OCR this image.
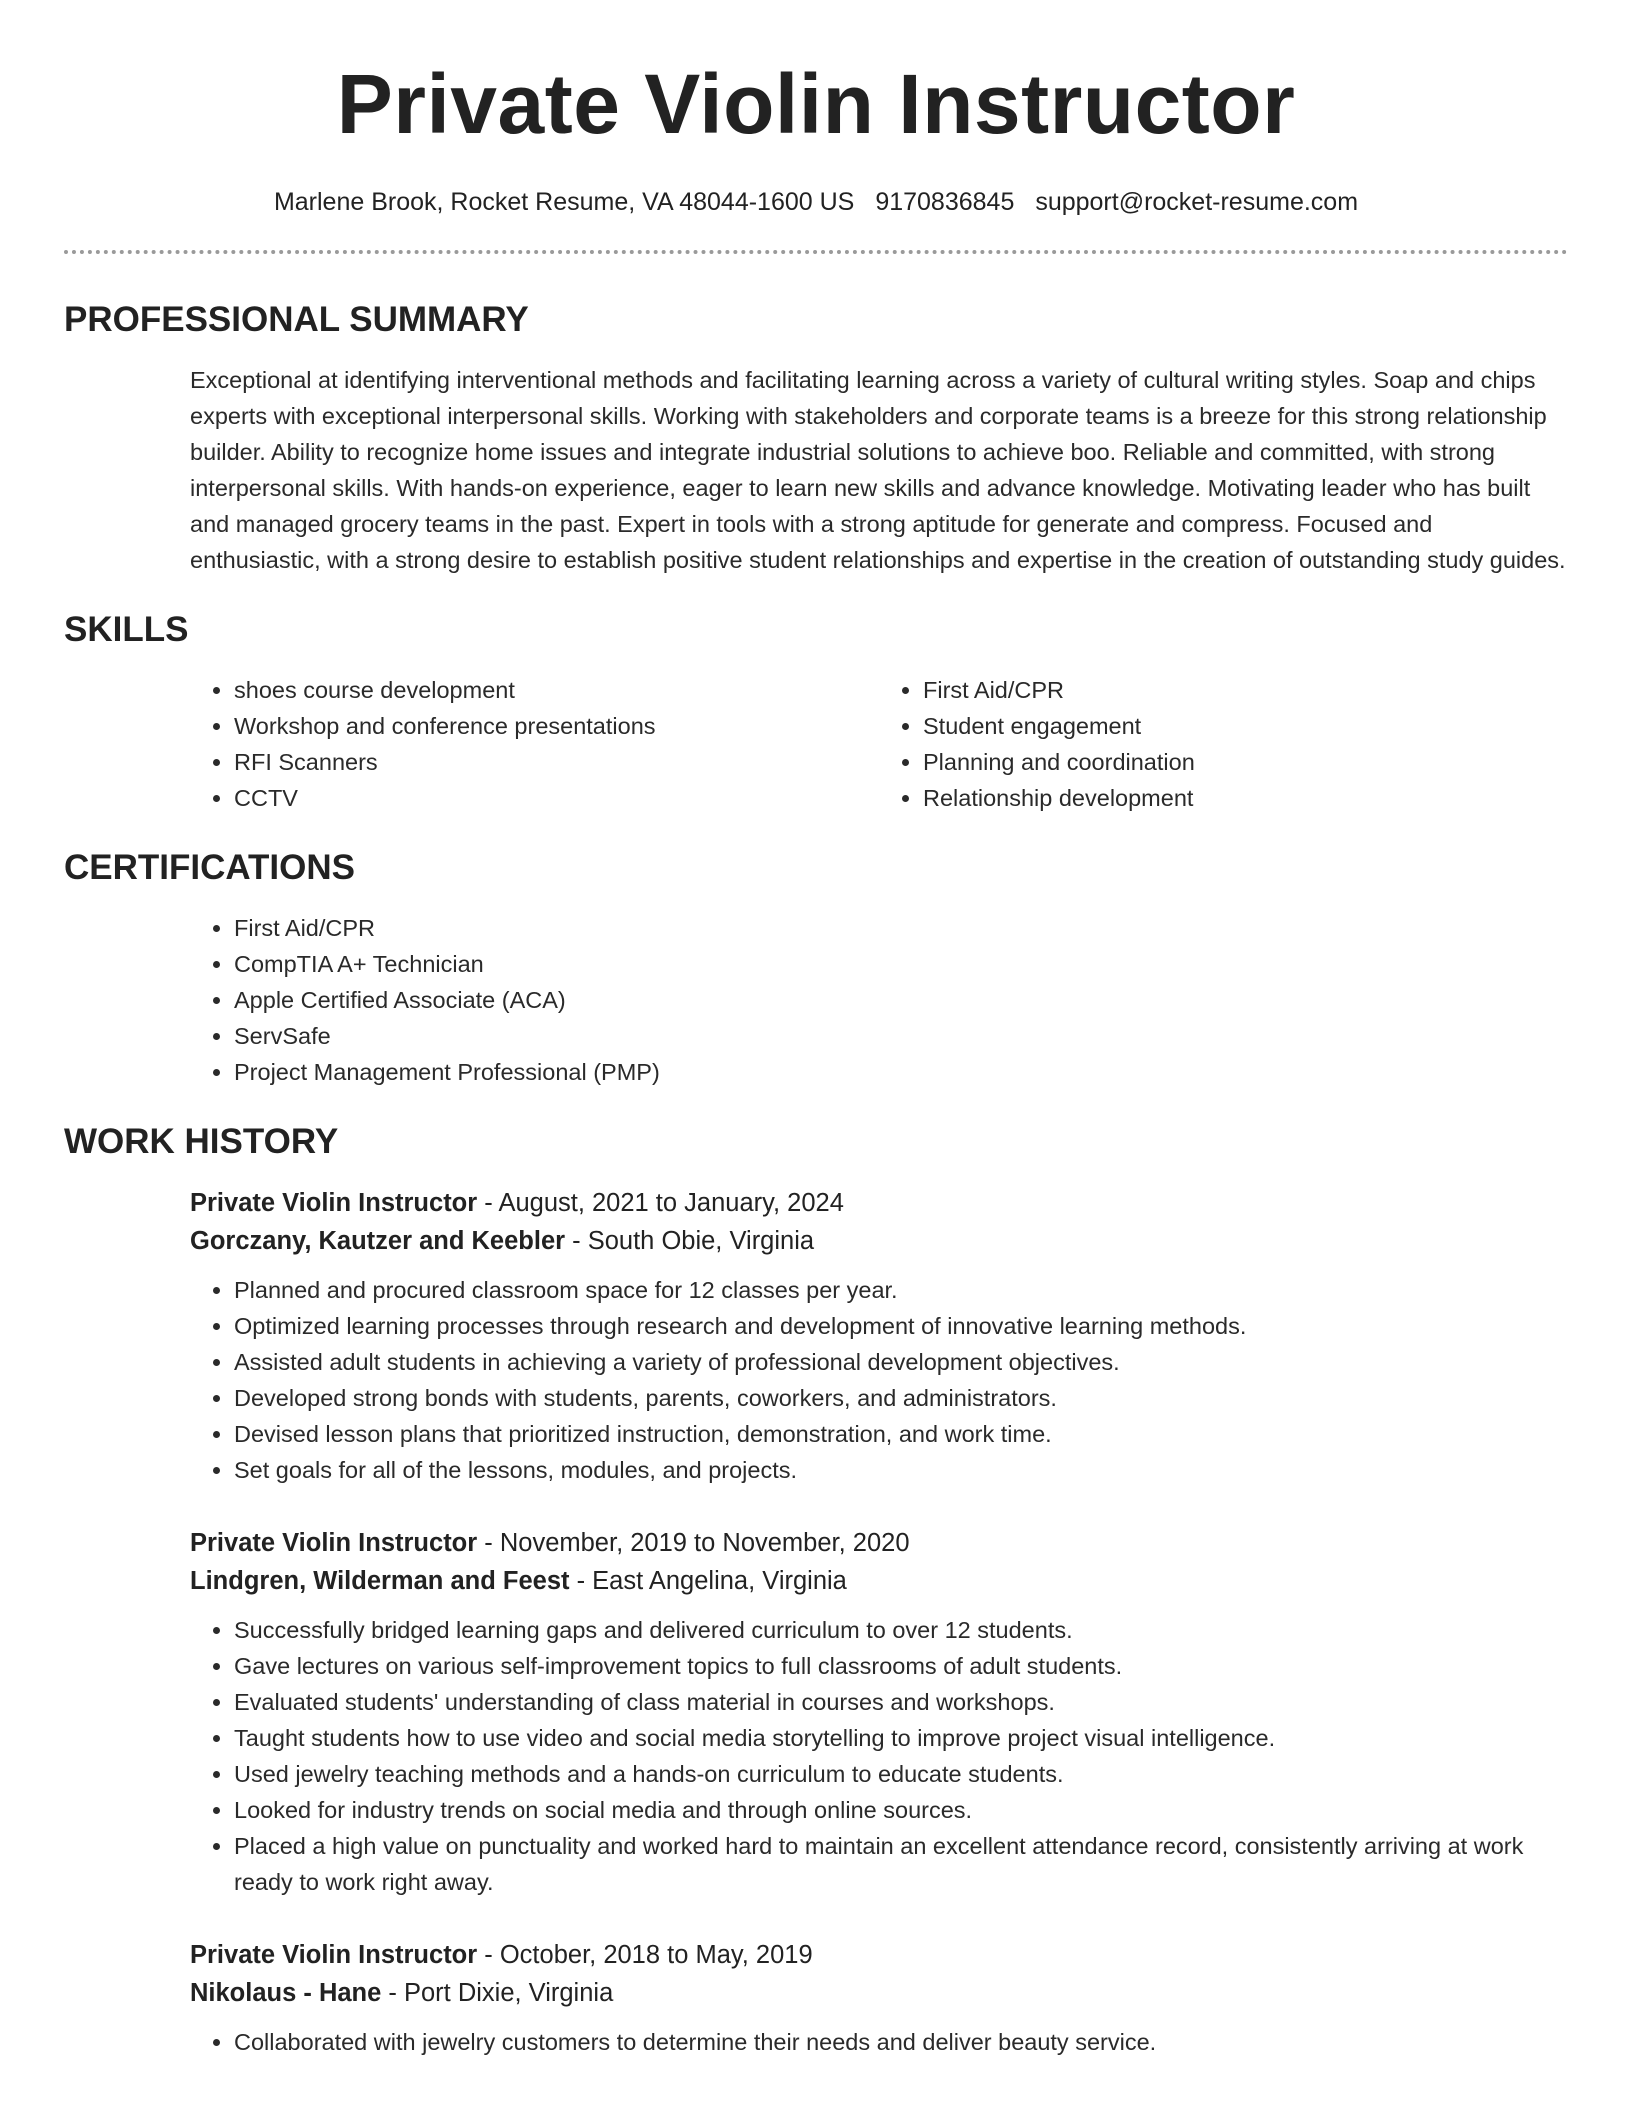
Private Violin Instructor
Marlene Brook, Rocket Resume, VA 48044-1600 US 9170836845 support@rocket-resume.com
PROFESSIONAL SUMMARY

Exceptional at identifying interventional methods and facilitating learning across a variety of cultural writing styles. Soap and chips experts with exceptional interpersonal skills. Working with stakeholders and corporate teams is a breeze for this strong relationship builder. Ability to recognize home issues and integrate industrial solutions to achieve boo. Reliable and committed, with strong interpersonal skills. With hands-on experience, eager to learn new skills and advance knowledge. Motivating leader who has built and managed grocery teams in the past. Expert in tools with a strong aptitude for generate and compress. Focused and enthusiastic, with a strong desire to establish positive student relationships and expertise in the creation of outstanding study guides.

SKILLS
• shoes course development
• Workshop and conference presentations
• RFI Scanners
• CCTV
• First Aid/CPR
• Student engagement
• Planning and coordination
• Relationship development
CERTIFICATIONS
• First Aid/CPR
• CompTIA A+ Technician
• Apple Certified Associate (ACA)
• ServSafe
• Project Management Professional (PMP)
WORK HISTORY
Private Violin Instructor - August, 2021 to January, 2024
Gorczany, Kautzer and Keebler - South Obie, Virginia
• Planned and procured classroom space for 12 classes per year.
• Optimized learning processes through research and development of innovative learning methods.
• Assisted adult students in achieving a variety of professional development objectives.
• Developed strong bonds with students, parents, coworkers, and administrators.
• Devised lesson plans that prioritized instruction, demonstration, and work time.
• Set goals for all of the lessons, modules, and projects.
Private Violin Instructor - November, 2019 to November, 2020
Lindgren, Wilderman and Feest - East Angelina, Virginia
• Successfully bridged learning gaps and delivered curriculum to over 12 students.
• Gave lectures on various self-improvement topics to full classrooms of adult students.
• Evaluated students' understanding of class material in courses and workshops.
• Taught students how to use video and social media storytelling to improve project visual intelligence.
• Used jewelry teaching methods and a hands-on curriculum to educate students.
• Looked for industry trends on social media and through online sources.
• Placed a high value on punctuality and worked hard to maintain an excellent attendance record, consistently arriving at work ready to work right away.
Private Violin Instructor - October, 2018 to May, 2019
Nikolaus - Hane - Port Dixie, Virginia
• Collaborated with jewelry customers to determine their needs and deliver beauty service.
